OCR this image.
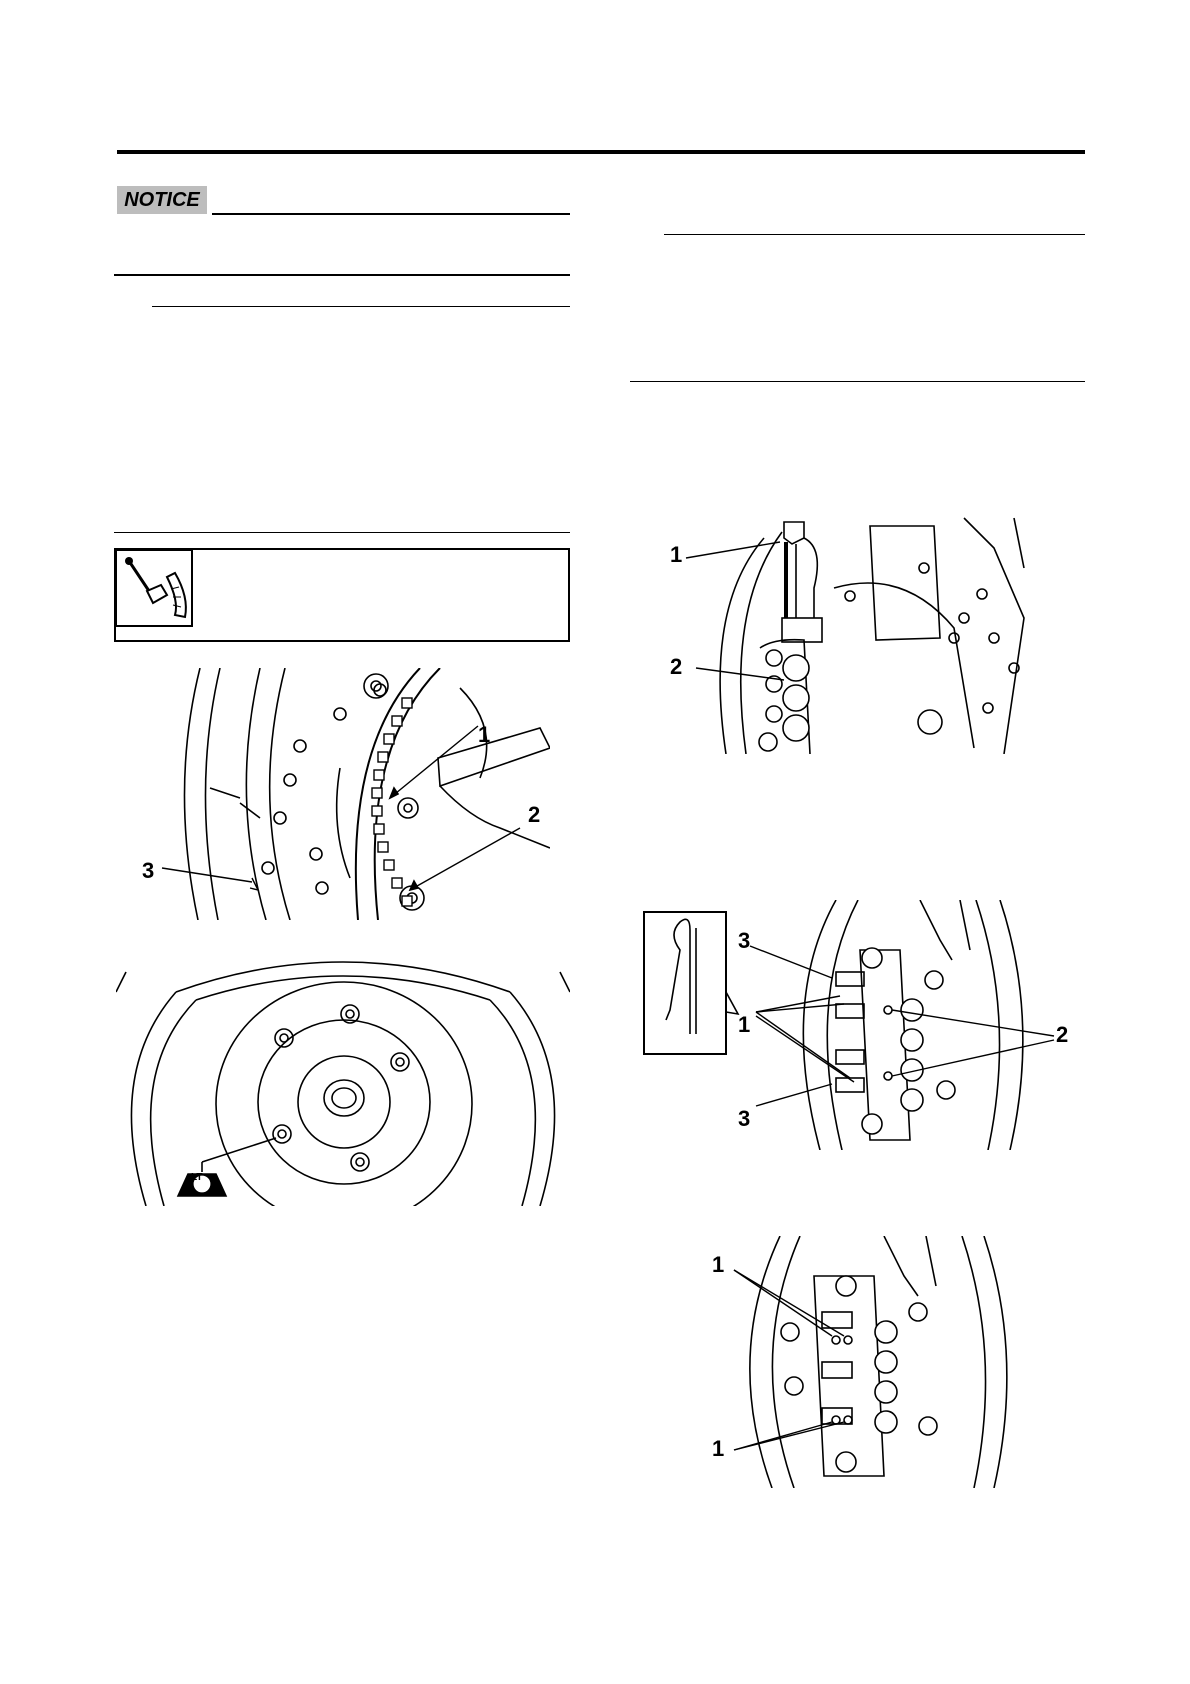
NOTICE
1
2
3
LT
1
2
3
1	2
3
1
1
